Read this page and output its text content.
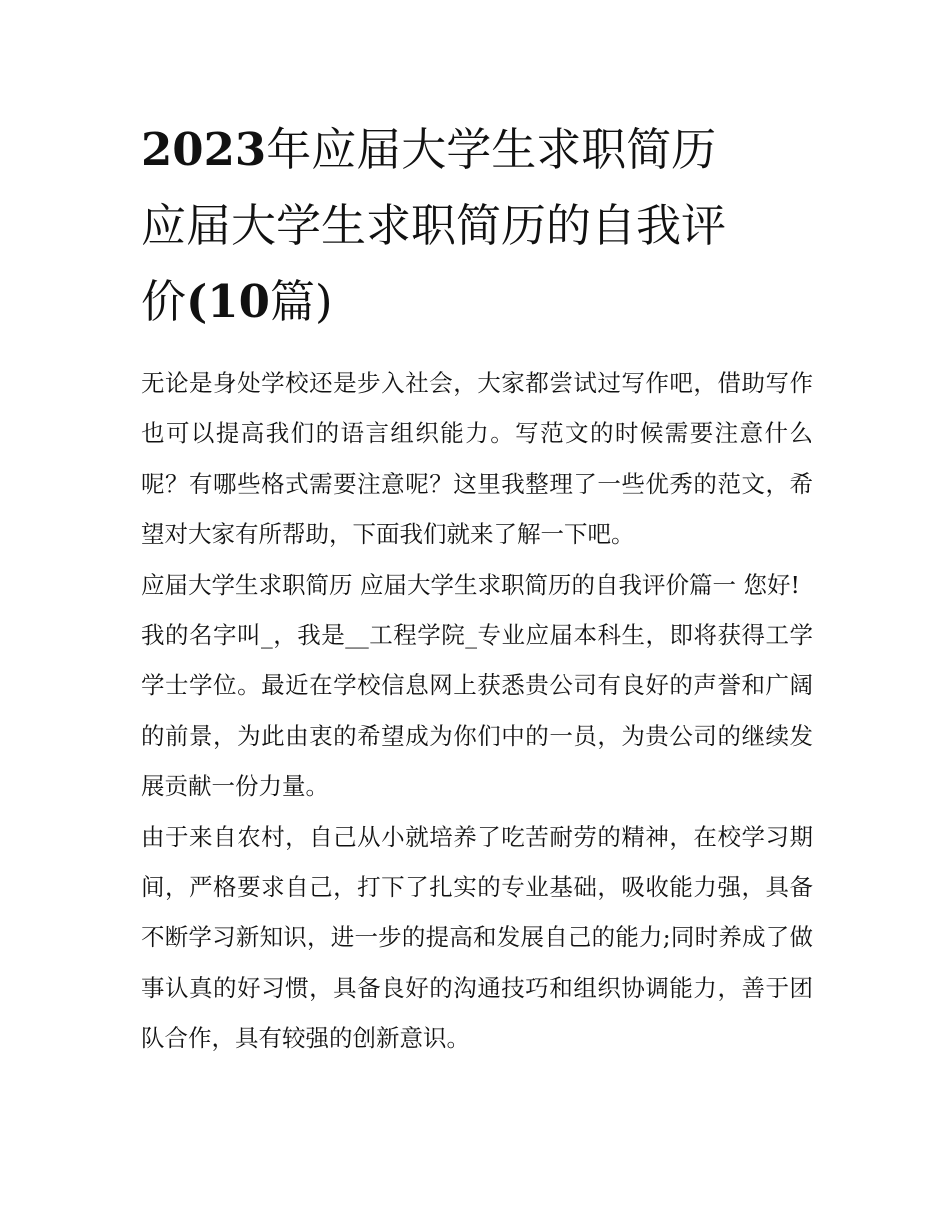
2023年应届大学生求职简历
应届大学生求职简历的自我评
价(10篇)

无论是身处学校还是步入社会，大家都尝试过写作吧，借助写作也可以提高我们的语言组织能力。写范文的时候需要注意什么呢？有哪些格式需要注意呢？这里我整理了一些优秀的范文，希望对大家有所帮助，下面我们就来了解一下吧。

应届大学生求职简历 应届大学生求职简历的自我评价篇一 您好!

我的名字叫_，我是__工程学院_专业应届本科生，即将获得工学学士学位。最近在学校信息网上获悉贵公司有良好的声誉和广阔的前景，为此由衷的希望成为你们中的一员，为贵公司的继续发展贡献一份力量。

由于来自农村，自己从小就培养了吃苦耐劳的精神，在校学习期间，严格要求自己，打下了扎实的专业基础，吸收能力强，具备不断学习新知识，进一步的提高和发展自己的能力;同时养成了做事认真的好习惯，具备良好的沟通技巧和组织协调能力，善于团队合作，具有较强的创新意识。
